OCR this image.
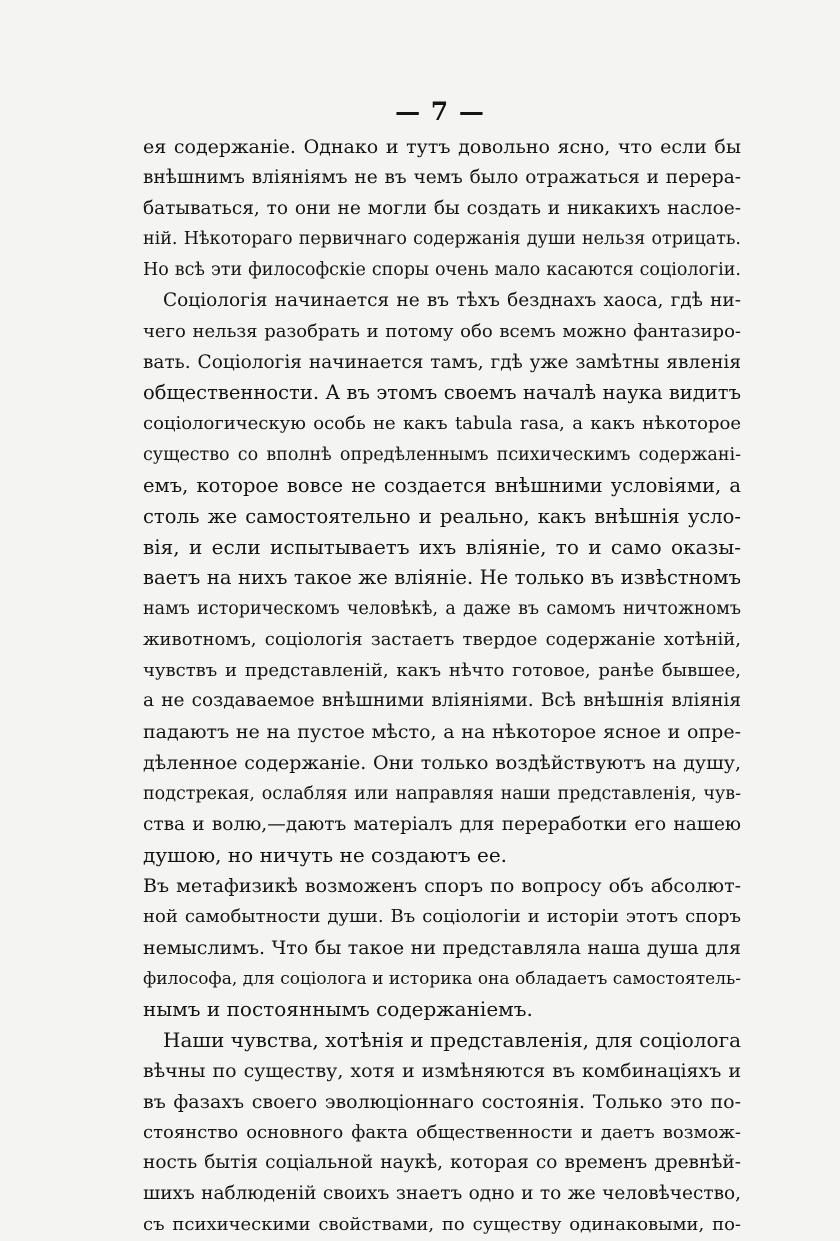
— 7 —
ея содержаніе. Однако и тутъ довольно ясно, что если бы
внѣшнимъ вліяніямъ не въ чемъ было отражаться и перера-
батываться, то они не могли бы создать и никакихъ наслое-
ній. Нѣкотораго первичнаго содержанія души нельзя отрицать.
Но всѣ эти философскіе споры очень мало касаются соціологіи.
Соціологія начинается не въ тѣхъ безднахъ хаоса, гдѣ ни-
чего нельзя разобрать и потому обо всемъ можно фантазиро-
вать. Соціологія начинается тамъ, гдѣ уже замѣтны явленія
общественности. А въ этомъ своемъ началѣ наука видитъ
соціологическую особь не какъ tabula rasa, а какъ нѣкоторое
существо со вполнѣ опредѣленнымъ психическимъ содержані-
емъ, которое вовсе не создается внѣшними условіями, а
столь же самостоятельно и реально, какъ внѣшнія усло-
вія, и если испытываетъ ихъ вліяніе, то и само оказы-
ваетъ на нихъ такое же вліяніе. Не только въ извѣстномъ
намъ историческомъ человѣкѣ, а даже въ самомъ ничтожномъ
животномъ, соціологія застаетъ твердое содержаніе хотѣній,
чувствъ и представленій, какъ нѣчто готовое, ранѣе бывшее,
а не создаваемое внѣшними вліяніями. Всѣ внѣшнія вліянія
падаютъ не на пустое мѣсто, а на нѣкоторое ясное и опре-
дѣленное содержаніе. Они только воздѣйствуютъ на душу,
подстрекая, ослабляя или направляя наши представленія, чув-
ства и волю,—даютъ матеріалъ для переработки его нашею
душою, но ничуть не создаютъ ее.
Въ метафизикѣ возможенъ споръ по вопросу объ абсолют-
ной самобытности души. Въ соціологіи и исторіи этотъ споръ
немыслимъ. Что бы такое ни представляла наша душа для
философа, для соціолога и историка она обладаетъ самостоятель-
нымъ и постояннымъ содержаніемъ.
Наши чувства, хотѣнія и представленія, для соціолога
вѣчны по существу, хотя и измѣняются въ комбинаціяхъ и
въ фазахъ своего эволюціоннаго состоянія. Только это по-
стоянство основного факта общественности и даетъ возмож-
ность бытія соціальной наукѣ, которая со временъ древнѣй-
шихъ наблюденій своихъ знаетъ одно и то же человѣчество,
съ психическими свойствами, по существу одинаковыми, по-
